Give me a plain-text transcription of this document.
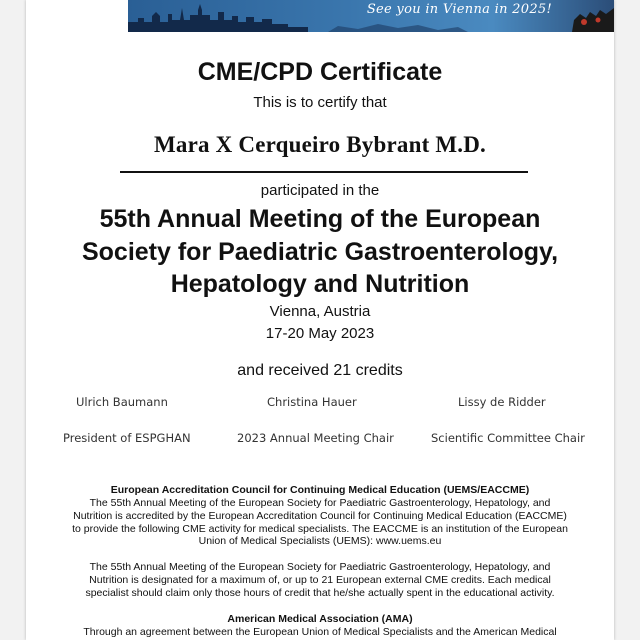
See you in Vienna in 2025!
CME/CPD Certificate
This is to certify that
Mara X Cerqueiro Bybrant M.D.
participated in the
55th Annual Meeting of the European
Society for Paediatric Gastroenterology,
Hepatology and Nutrition
Vienna, Austria
17-20 May 2023
and received 21 credits
Ulrich Baumann	Christina Hauer	Lissy de Ridder
President of ESPGHAN	2023 Annual Meeting Chair	Scientific Committee Chair
European Accreditation Council for Continuing Medical Education (UEMS/EACCME)
The 55th Annual Meeting of the European Society for Paediatric Gastroenterology, Hepatology, and
Nutrition is accredited by the European Accreditation Council for Continuing Medical Education (EACCME)
to provide the following CME activity for medical specialists. The EACCME is an institution of the European
Union of Medical Specialists (UEMS): www.uems.eu
The 55th Annual Meeting of the European Society for Paediatric Gastroenterology, Hepatology, and
Nutrition is designated for a maximum of, or up to 21 European external CME credits. Each medical
specialist should claim only those hours of credit that he/she actually spent in the educational activity.
American Medical Association (AMA)
Through an agreement between the European Union of Medical Specialists and the American Medical
